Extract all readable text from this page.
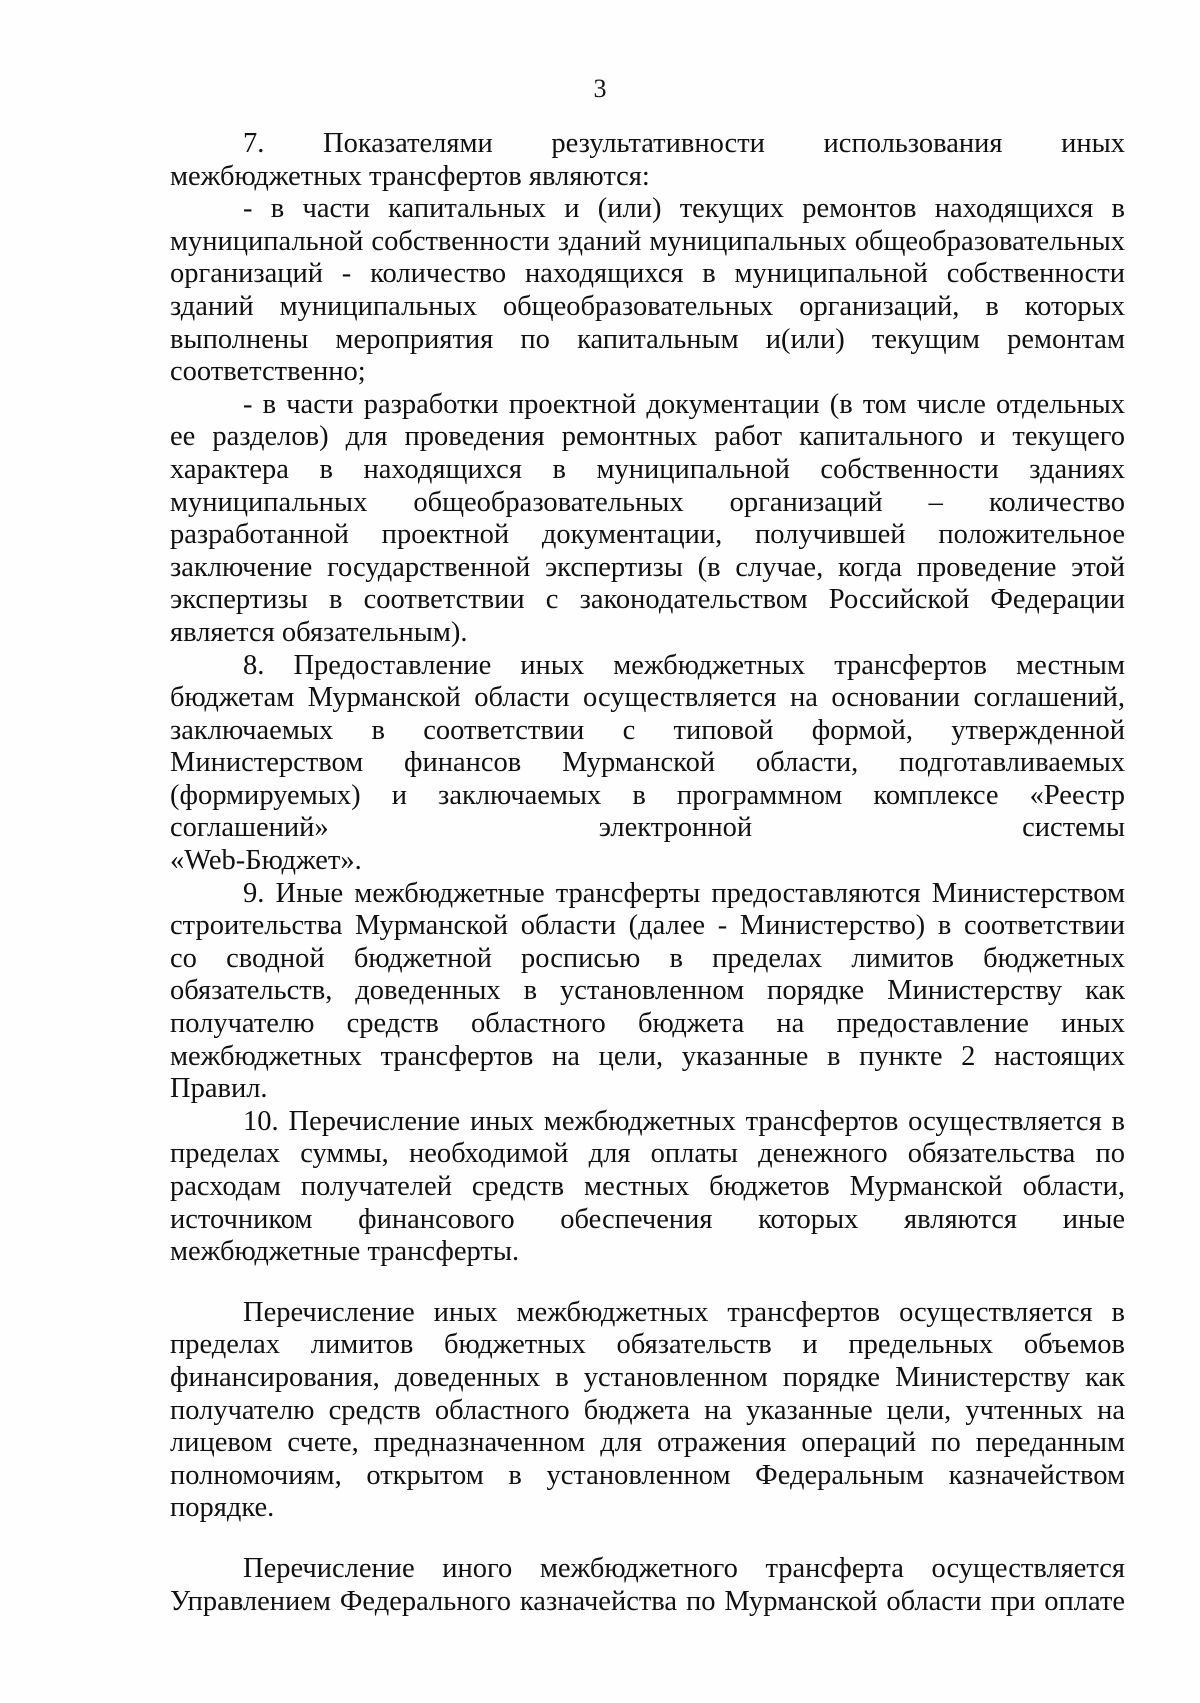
3
7. Показателями результативности использования иных
межбюджетных трансфертов являются:
- в части капитальных и (или) текущих ремонтов находящихся в
муниципальной собственности зданий муниципальных общеобразовательных
организаций - количество находящихся в муниципальной собственности
зданий муниципальных общеобразовательных организаций, в которых
выполнены мероприятия по капитальным и(или) текущим ремонтам
соответственно;
- в части разработки проектной документации (в том числе отдельных
ее разделов) для проведения ремонтных работ капитального и текущего
характера в находящихся в муниципальной собственности зданиях
муниципальных общеобразовательных организаций – количество
разработанной проектной документации, получившей положительное
заключение государственной экспертизы (в случае, когда проведение этой
экспертизы в соответствии с законодательством Российской Федерации
является обязательным).
8. Предоставление иных межбюджетных трансфертов местным
бюджетам Мурманской области осуществляется на основании соглашений,
заключаемых в соответствии с типовой формой, утвержденной
Министерством финансов Мурманской области, подготавливаемых
(формируемых) и заключаемых в программном комплексе «Реестр
соглашений» электронной системы
«Web-Бюджет».
9. Иные межбюджетные трансферты предоставляются Министерством
строительства Мурманской области (далее - Министерство) в соответствии
со сводной бюджетной росписью в пределах лимитов бюджетных
обязательств, доведенных в установленном порядке Министерству как
получателю средств областного бюджета на предоставление иных
межбюджетных трансфертов на цели, указанные в пункте 2 настоящих
Правил.
10. Перечисление иных межбюджетных трансфертов осуществляется в
пределах суммы, необходимой для оплаты денежного обязательства по
расходам получателей средств местных бюджетов Мурманской области,
источником финансового обеспечения которых являются иные
межбюджетные трансферты.
Перечисление иных межбюджетных трансфертов осуществляется в
пределах лимитов бюджетных обязательств и предельных объемов
финансирования, доведенных в установленном порядке Министерству как
получателю средств областного бюджета на указанные цели, учтенных на
лицевом счете, предназначенном для отражения операций по переданным
полномочиям, открытом в установленном Федеральным казначейством
порядке.
Перечисление иного межбюджетного трансферта осуществляется
Управлением Федерального казначейства по Мурманской области при оплате
